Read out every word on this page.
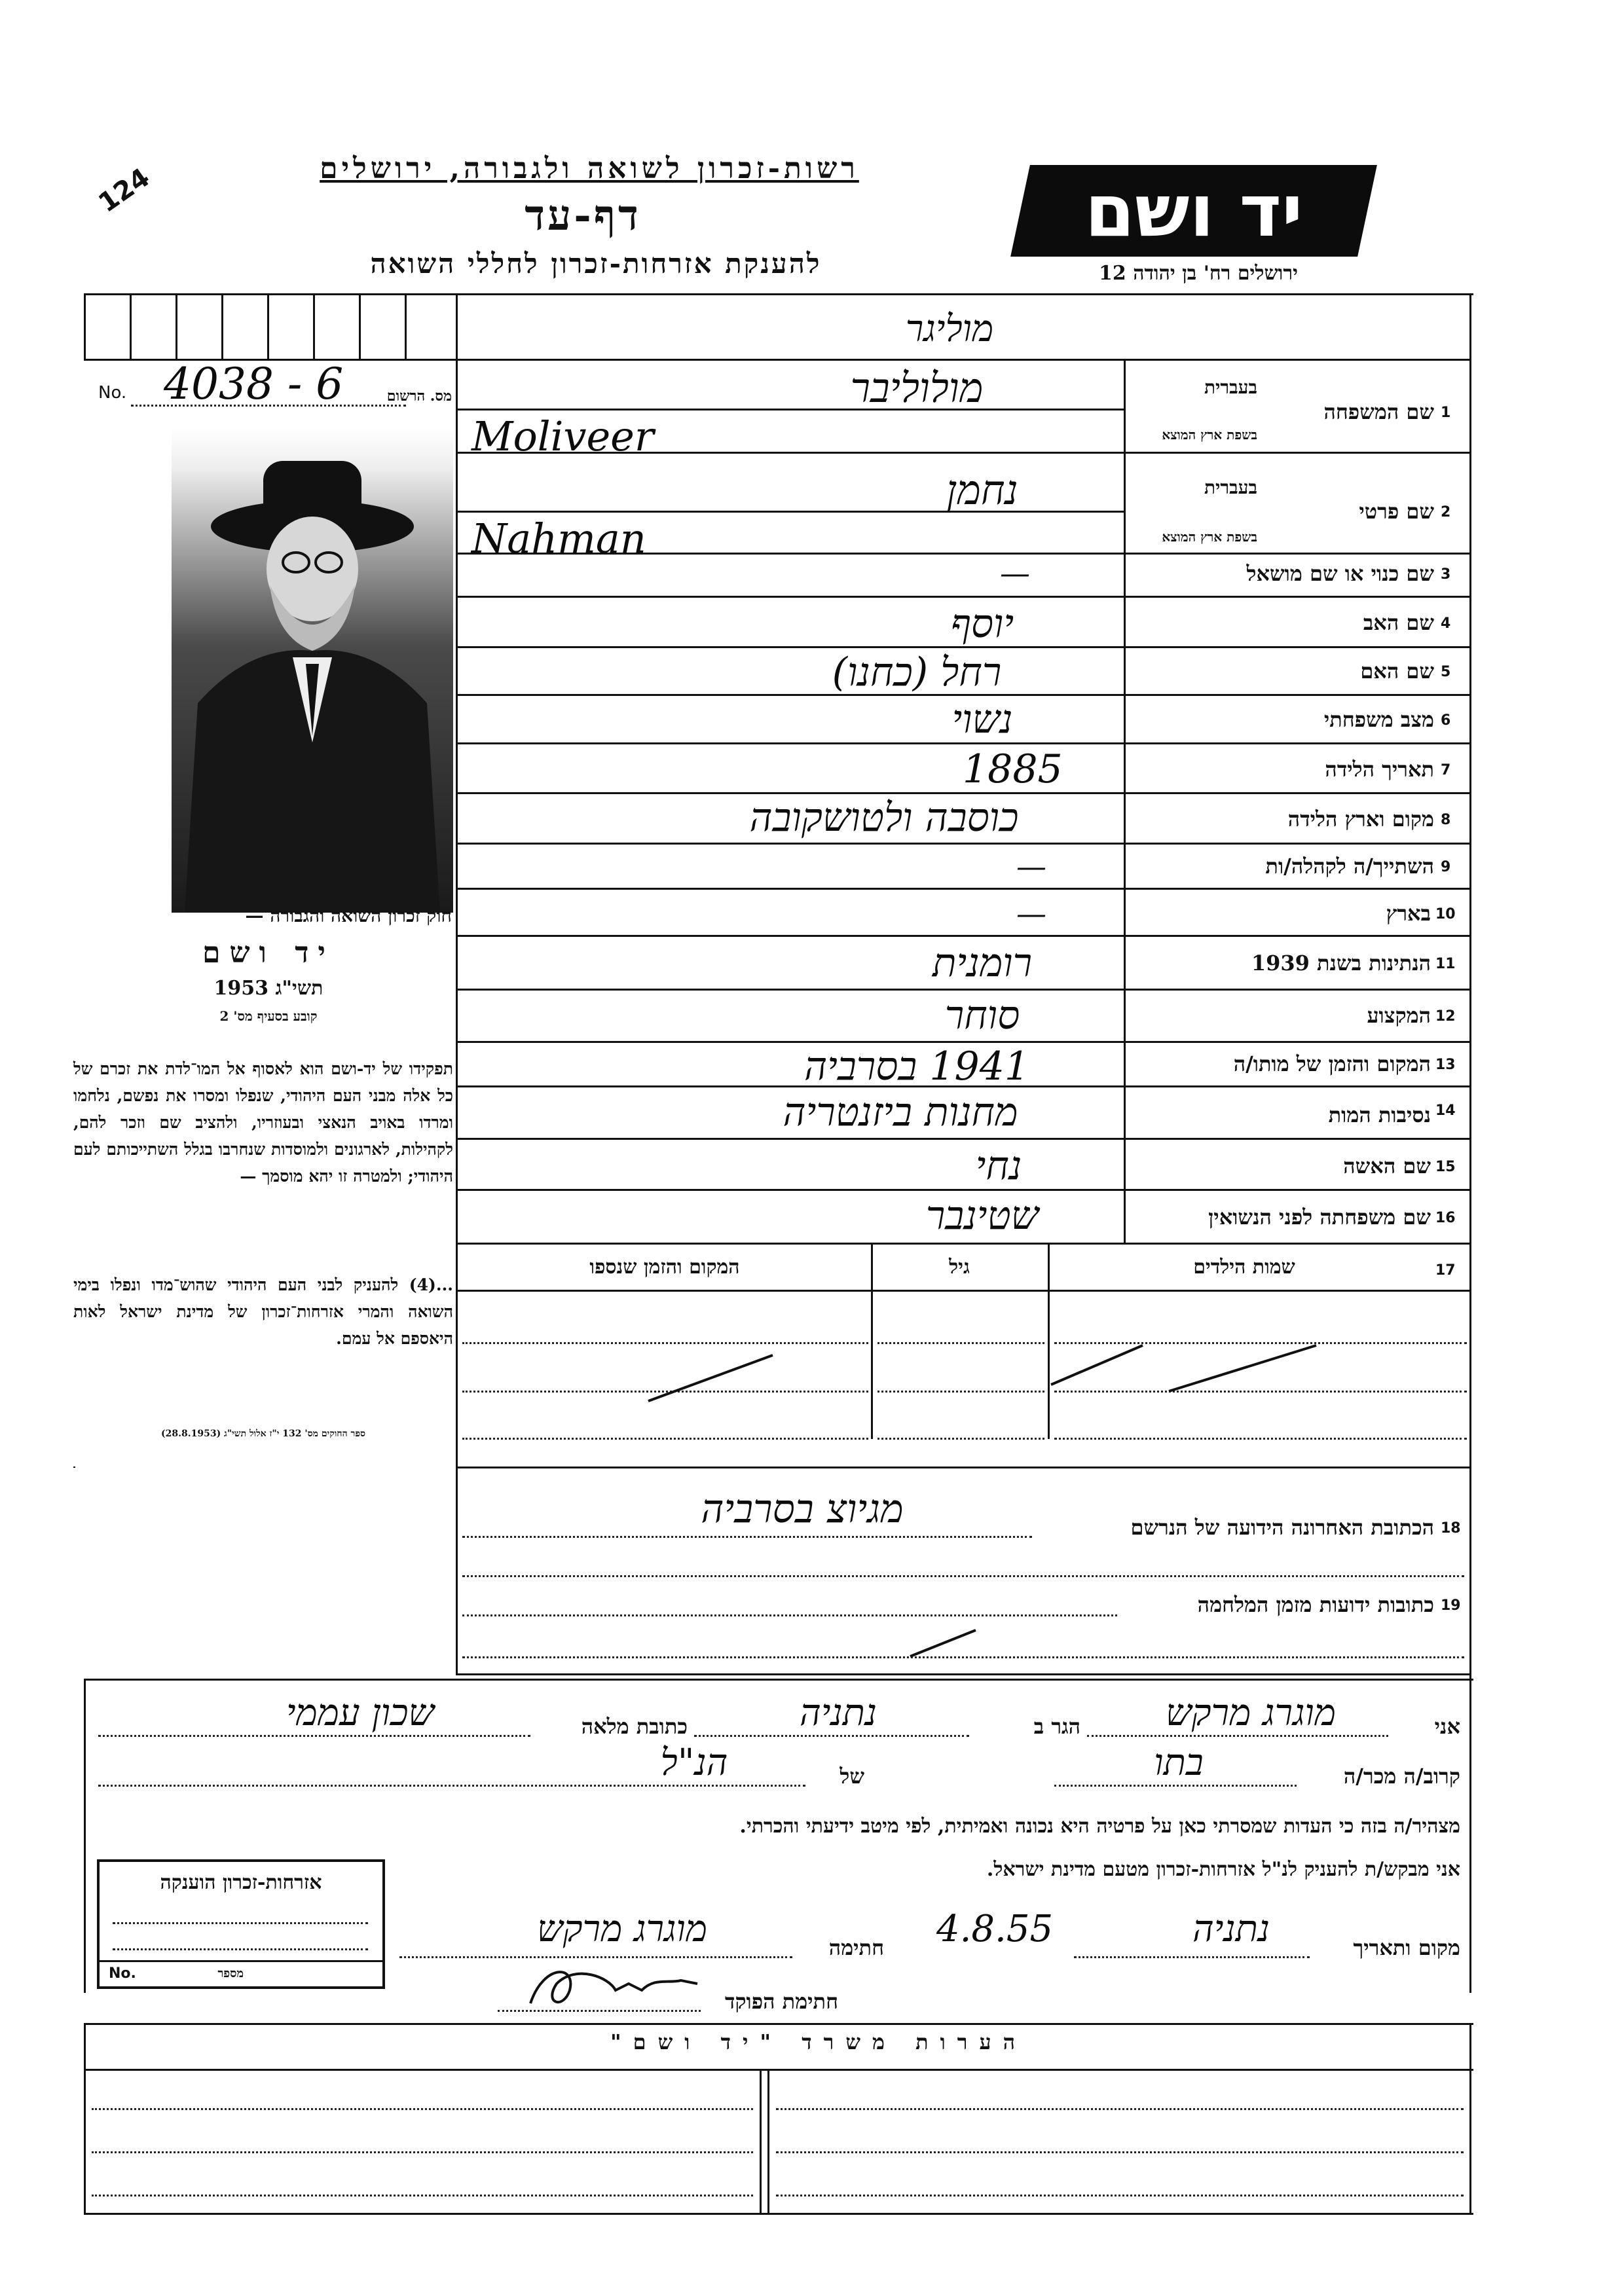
רשות-זכרון לשואה ולגבורה, ירושלים
124	דף-עד
להענקת אזרחות-זכרון לחללי השואה
יד ושם
ירושלים רח' בן יהודה 12
מוליגר
No. 4038 - 6	מס. הרשום
חוק זכרון השואה והגבורה —
יד ושם
תשי"ג 1953
קובע בסעיף מס' 2
תפקידו של יד-ושם הוא לאסוף אל המו־לדת את זכרם של כל אלה מבני העם היהודי, שנפלו ומסרו את נפשם, נלחמו ומרדו באויב הנאצי ובעוזריו, ולהציב שם וזכר להם, לקהילות, לארגונים ולמוסדות שנחרבו בגלל השתייכותם לעם היהודי; ולמטרה זו יהא מוסמך —
...(4) להעניק לבני העם היהודי שהוש־מדו ונפלו בימי השואה והמרי אזרחות־זכרון של מדינת ישראל לאות היאספם אל עמם.
ספר החוקים מס' 132 י"ז אלול תשי"ג (28.8.1953)
1
שם המשפחה
בעברית
בשפת ארץ המוצא
מולוליבר
Moliveer
2
שם פרטי
בעברית
בשפת ארץ המוצא
נחמן
Nahman
3
שם כנוי או שם מושאל
—
4
שם האב
יוסף
5
שם האם
רחל (כחנו)
6
מצב משפחתי
נשוי
7
תאריך הלידה
1885
8
מקום וארץ הלידה
כוסבה ולטושקובה
9
השתייך/ה לקהלה/ות
—
10
בארץ
—
11
הנתינות בשנת 1939
רומנית
12
המקצוע
סוחר
13
המקום והזמן של מותו/ה
1941 בסרביה
14
נסיבות המות
מחנות ביזנטריה
15
שם האשה
נחי
16
שם משפחתה לפני הנשואין
שטינבר
17
שמות הילדים
גיל
המקום והזמן שנספו
18
הכתובת האחרונה הידועה של הנרשם
מגיוצ בסרביה
19
כתובות ידועות מזמן המלחמה
אני
מוגרג מרקש
הגר ב
נתניה
כתובת מלאה
שכון עממי
קרוב/ה מכר/ה
בתו
של
הנ"ל
מצהיר/ה בזה כי העדות שמסרתי כאן על פרטיה היא נכונה ואמיתית, לפי מיטב ידיעתי והכרתי.
אני מבקש/ת להעניק לנ"ל אזרחות-זכרון מטעם מדינת ישראל.
אזרחות-זכרון הוענקה
No.	מספר
מקום ותאריך
נתניה
4.8.55
חתימה
מוגרג מרקש
חתימת הפוקד
הערות משרד "יד ושם"
